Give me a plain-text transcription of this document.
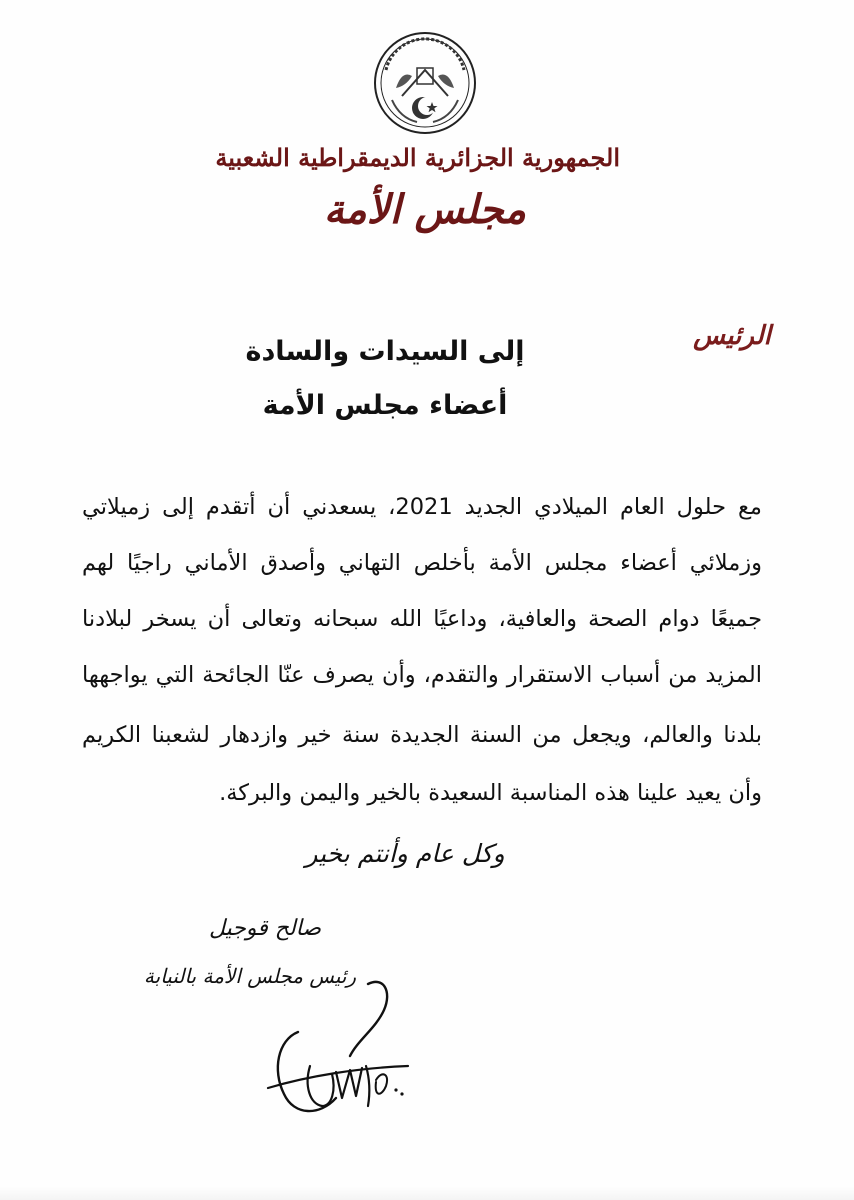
الجمهورية الجزائرية الديمقراطية الشعبية
مجلس الأمة
الرئيس
إلى السيدات والسادة
أعضاء مجلس الأمة
مع حلول العام الميلادي الجديد 2021، يسعدني أن أتقدم إلى زميلاتي
وزملائي أعضاء مجلس الأمة بأخلص التهاني وأصدق الأماني راجيًا لهم
جميعًا دوام الصحة والعافية، وداعيًا الله سبحانه وتعالى أن يسخر لبلادنا
المزيد من أسباب الاستقرار والتقدم، وأن يصرف عنّا الجائحة التي يواجهها
بلدنا والعالم، ويجعل من السنة الجديدة سنة خير وازدهار لشعبنا الكريم
وأن يعيد علينا هذه المناسبة السعيدة بالخير واليمن والبركة.
وكل عام وأنتم بخير
صالح قوجيل
رئيس مجلس الأمة بالنيابة
